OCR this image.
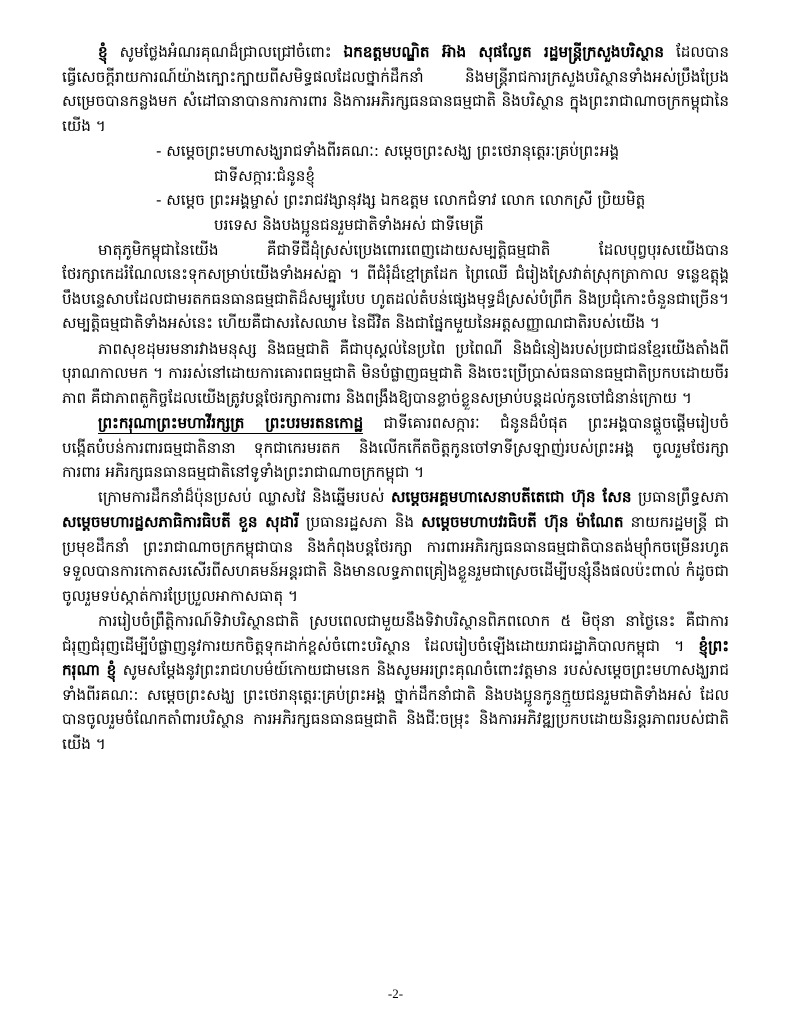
ខ្ញុំ សូមថ្លែងអំណរគុណដ៏ជ្រាលជ្រៅចំពោះ ឯកឧត្តមបណ្ឌិត អ៊ាង សុផល្លែត រដ្ឋមន្ត្រីក្រសួងបរិស្ថាន ដែលបានធ្វើសេចក្តីរាយការណ៍យ៉ាងក្បោះក្បាយពីសមិទ្ធផលដែលថ្នាក់ដឹកនាំ និងមន្ត្រីរាជការក្រសួងបរិស្ថានទាំងអស់ប្រឹងប្រែងសម្រេចបានកន្លងមក សំដៅធានាបានការការពារ និងការអភិរក្សធនធានធម្មជាតិ និងបរិស្ថាន ក្នុងព្រះរាជាណាចក្រកម្ពុជានៃយើង ។

- សម្ដេចព្រះមហាសង្ឃរាជទាំងពីរគណៈ: សម្តេចព្រះសង្ឃ ព្រះថេរានុត្តេរៈគ្រប់ព្រះអង្គ

ជាទីសក្ការៈជំនូនខ្ញុំ

- សម្តេច ព្រះអង្គម្ចាស់ ព្រះរាជវង្សានុវង្ស ឯកឧត្តម លោកជំទាវ លោក លោកស្រី ប្រិយមិត្ត

បរទេស និងបងប្អូនជនរួមជាតិទាំងអស់ ជាទីមេត្រី

មាតុភូមិកម្ពុជានៃយើង គឺជាទីជីដុំស្រស់ប្រេងពោរពេញដោយសម្បត្តិធម្មជាតិ ដែលបុព្វបុរសយើងបានថែរក្សាកេដរំណែលនេះទុកសម្រាប់យើងទាំងអស់គ្នា ។ ពីជំរុំដ៏ខ្មៅត្រដែក ព្រៃឈើ ជំរៀងស្រែវាត់ស្រុកត្រាកាល ទន្លេឧត្តុង្គ បឹងបន្ទេសាបដែលជាមរតកធនធានធម្មជាតិដ៏សម្បូរបែប ហូតដល់តំបន់ផ្សេងមុទ្ធដ៏ស្រស់បំព្រឹក និងប្រជុំកោះចំនួនជាច្រើន។ សម្បត្តិធម្មជាតិទាំងអស់នេះ ហើយគឺជាសរសៃឈាម នៃជីវិត និងជាផ្នែកមួយនៃអត្តសញ្ញាណជាតិរបស់យើង ។

ភាពសុខដុមរមនារវាងមនុស្ស និងធម្មជាតិ គឺជាបុស្គល់នៃប្រពៃ ប្រពៃណី និងជំនៀងរបស់ប្រជាជនខ្មែរយើងតាំងពីបុរាណកាលមក ។ ការរស់នៅដោយការគោរពធម្មជាតិ មិនបំផ្លាញធម្មជាតិ និងចេះប្រើប្រាស់ធនធានធម្មជាតិប្រកបដោយចីរភាព គឺជាភាពតួកិច្ចដែលយើងត្រូវបន្តថែរក្សាការពារ និងពង្រឹងឱ្យបានខ្លាច់ខ្លួនសម្រាប់បន្តដល់កូនចៅជំនាន់ក្រោយ ។

ព្រះករុណាព្រះមហាវីរក្សត្រ ព្រះបរមរតនកោដ្ឋ ជាទីគោរពសក្ការៈ ជំនូនដ៏បំផុត ព្រះអង្គបានផ្តួចផ្តើមរៀបចំបង្កើតបំបន់ការពារធម្មជាតិនានា ទុកជាកេរមរតក និងលើកកើតចិត្តកូនចៅទាទីស្រឡាញ់របស់ព្រះអង្គ ចូលរួមថែរក្សា ការពារ អភិរក្សធនធានធម្មជាតិនៅទូទាំងព្រះរាជាណាចក្រកម្ពុជា ។

ក្រោមការដឹកនាំដ៏ប៉ុនប្រសប់ ឈ្លាសវៃ និងឆ្នើមរបស់ សម្តេចអគ្គមហាសេនាបតីតេជោ ហ៊ុន សែន ប្រធានព្រឹទ្ធសភា សម្តេចមហារដ្ឋសភាធិការធិបតី ខួន សុដារី ប្រធានរដ្ឋសភា និង សម្តេចមហាបវរធិបតី ហ៊ុន ម៉ាណែត នាយករដ្ឋមន្ត្រី ជាប្រមុខដឹកនាំ ព្រះរាជាណាចក្រកម្ពុជាបាន និងកំពុងបន្តថែរក្សា ការពារអភិរក្សធនធានធម្មជាតិបានតង់ម្យ៉ាំកចម្រើនរហូតទទួលបានការកោតសរសើរពីសហគមន៍អន្តរជាតិ និងមានលទ្ធភាពគ្រៀងខ្លួនរួមជាស្រេចដើម្បីបន្សុំនឹងផលប៉ះពាល់ កំដូចជាចូលរួមទប់ស្កាត់ការប្រែប្រួលអាកាសធាតុ ។

ការរៀបចំព្រឹត្តិការណ៍ទិវាបរិស្ថានជាតិ ស្របពេលជាមួយនឹងទិវាបរិស្ថានពិភពលោក ៥ មិថុនា នាថ្ងៃនេះ គឺជាការជំរុញជំរុញដើម្បីបំផ្លាញនូវការយកចិត្តទុកដាក់ខ្ពស់ចំពោះបរិស្ថាន ដែលរៀបចំឡើងដោយរាជរដ្ឋាភិបាលកម្ពុជា ។ ខ្ញុំព្រះករុណា ខ្ញុំ សូមសម្តែងនូវព្រះរាជហបម៌យ៍កោយជាមនេក និងសូមអរព្រះគុណចំពោះវត្តមាន របស់សម្តេចព្រះមហាសង្ឃរាជទាំងពីរគណៈ: សម្ដេចព្រះសង្ឃ ព្រះថេរានុត្តេរៈគ្រប់ព្រះអង្គ ថ្នាក់ដឹកនាំជាតិ និងបងប្អូនកូនក្មួយជនរួមជាតិទាំងអស់ ដែលបានចូលរួមចំណែកតាំពារបរិស្ថាន ការអភិរក្សធនធានធម្មជាតិ និងជីៈចម្រុះ និងការអភិវឌ្ឍប្រកបដោយនិរន្តរភាពរបស់ជាតិយើង ។

-2-
